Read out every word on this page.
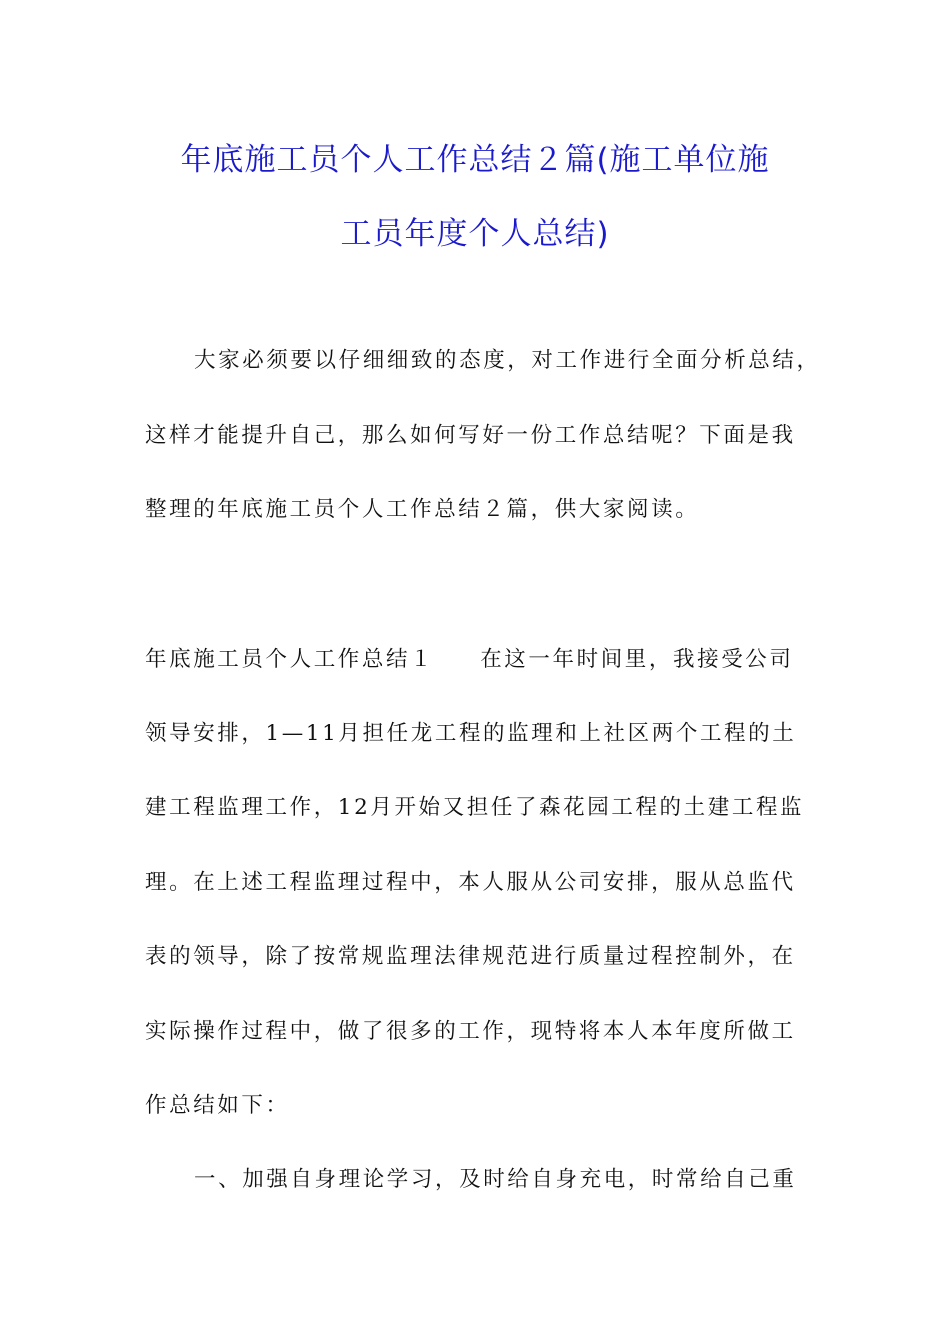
年底施工员个人工作总结２篇(施工单位施
工员年度个人总结)
大家必须要以仔细细致的态度，对工作进行全面分析总结，
这样才能提升自己，那么如何写好一份工作总结呢？下面是我
整理的年底施工员个人工作总结２篇，供大家阅读。
年底施工员个人工作总结１ 在这一年时间里，我接受公司
领导安排，1—11月担任龙工程的监理和上社区两个工程的土
建工程监理工作，12月开始又担任了森花园工程的土建工程监
理。在上述工程监理过程中，本人服从公司安排，服从总监代
表的领导，除了按常规监理法律规范进行质量过程控制外，在
实际操作过程中，做了很多的工作，现特将本人本年度所做工
作总结如下：
一、加强自身理论学习，及时给自身充电，时常给自己重
